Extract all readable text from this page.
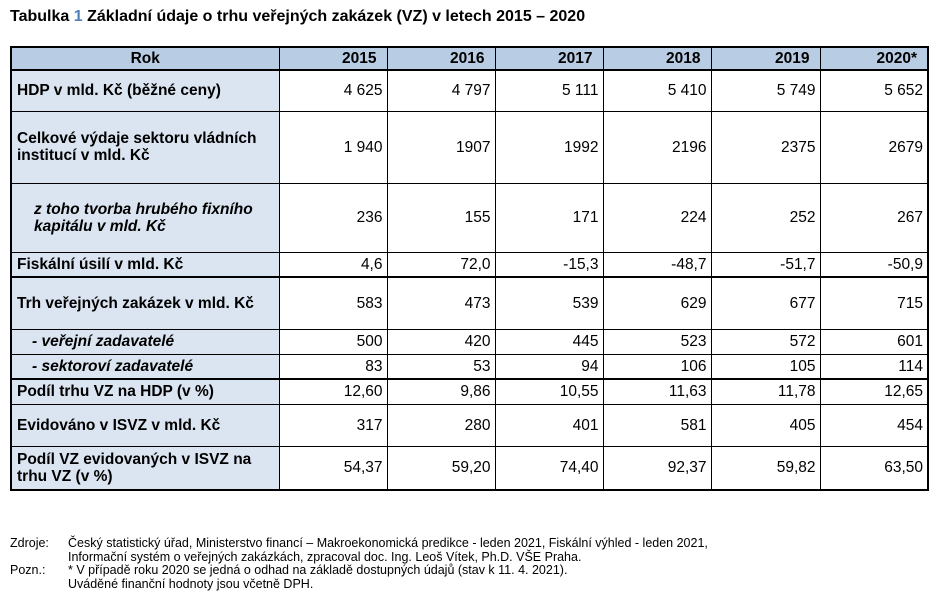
Tabulka 1 Základní údaje o trhu veřejných zakázek (VZ) v letech 2015 – 2020
Rok	2015	2016	2017	2018	2019	2020*
HDP v mld. Kč (běžné ceny)	4 625	4 797	5 111	5 410	5 749	5 652
Celkové výdaje sektoru vládních institucí v mld. Kč	1 940	1907	1992	2196	2375	2679
z toho tvorba hrubého fixního kapitálu v mld. Kč	236	155	171	224	252	267
Fiskální úsilí v mld. Kč	4,6	72,0	-15,3	-48,7	-51,7	-50,9
Trh veřejných zakázek v mld. Kč	583	473	539	629	677	715
- veřejní zadavatelé	500	420	445	523	572	601
- sektoroví zadavatelé	83	53	94	106	105	114
Podíl trhu VZ na HDP (v %)	12,60	9,86	10,55	11,63	11,78	12,65
Evidováno v ISVZ v mld. Kč	317	280	401	581	405	454
Podíl VZ evidovaných v ISVZ na trhu VZ (v %)	54,37	59,20	74,40	92,37	59,82	63,50
Zdroje:	Český statistický úřad, Ministerstvo financí – Makroekonomická predikce - leden 2021, Fiskální výhled - leden 2021,
Informační systém o veřejných zakázkách, zpracoval doc. Ing. Leoš Vítek, Ph.D. VŠE Praha.
Pozn.:	* V případě roku 2020 se jedná o odhad na základě dostupných údajů (stav k 11. 4. 2021).
Uváděné finanční hodnoty jsou včetně DPH.
